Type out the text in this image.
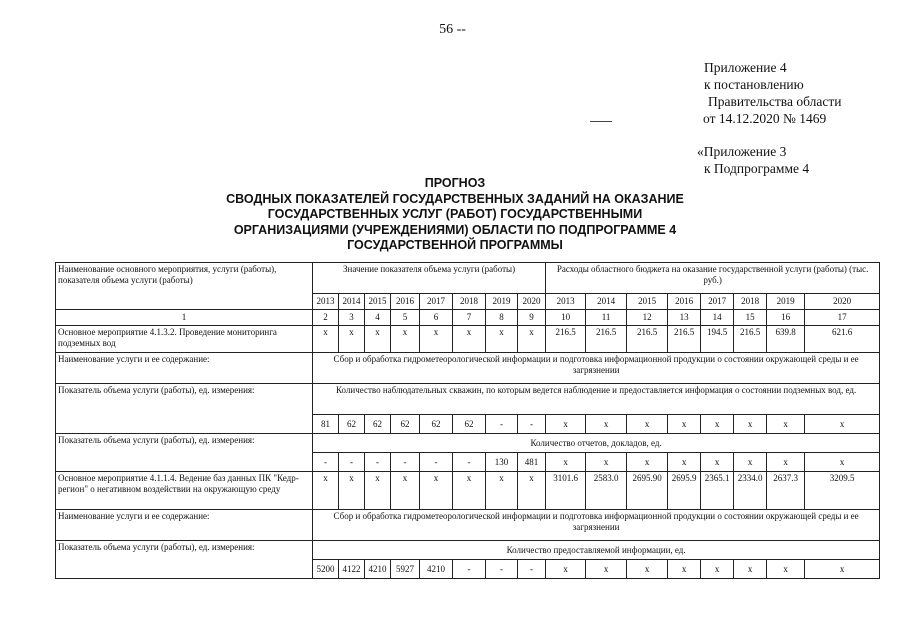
56 --
Приложение 4
к постановлению
Правительства области
от 14.12.2020 № 1469
«Приложение 3
к Подпрограмме 4
ПРОГНОЗ
СВОДНЫХ ПОКАЗАТЕЛЕЙ ГОСУДАРСТВЕННЫХ ЗАДАНИЙ НА ОКАЗАНИЕ
ГОСУДАРСТВЕННЫХ УСЛУГ (РАБОТ) ГОСУДАРСТВЕННЫМИ
ОРГАНИЗАЦИЯМИ (УЧРЕЖДЕНИЯМИ) ОБЛАСТИ ПО ПОДПРОГРАММЕ 4
ГОСУДАРСТВЕННОЙ ПРОГРАММЫ
Наименование основного мероприятия, услуги (работы), показателя объема услуги (работы)	Значение показателя объема услуги (работы)								Расходы областного бюджета на оказание государственной услуги (работы) (тыс. руб.)							
	2013	2014	2015	2016	2017	2018	2019	2020	2013	2014	2015	2016	2017	2018	2019	2020
1	2	3	4	5	6	7	8	9	10	11	12	13	14	15	16	17
Основное мероприятие 4.1.3.2. Проведение мониторинга подземных вод	x	x	x	x	x	x	x	x	216.5	216.5	216.5	216.5	194.5	216.5	639.8	621.6
Наименование услуги и ее содержание:	Сбор и обработка гидрометеорологической информации и подготовка информационной продукции о состоянии окружающей среды и ее загрязнении															
Показатель объема услуги (работы), ед. измерения:	Количество наблюдательных скважин, по которым ведется наблюдение и предоставляется информация о состоянии подземных вод, ед.															
	81	62	62	62	62	62	-	-	x	x	x	x	x	x	x	x
Показатель объема услуги (работы), ед. измерения:	Количество отчетов, докладов, ед.															
	-	-	-	-	-	-	130	481	x	x	x	x	x	x	x	x
Основное мероприятие 4.1.1.4. Ведение баз данных ПК "Кедр-регион" о негативном воздействии на окружающую среду	x	x	x	x	x	x	x	x	3101.6	2583.0	2695.90	2695.9	2365.1	2334.0	2637.3	3209.5
Наименование услуги и ее содержание:	Сбор и обработка гидрометеорологической информации и подготовка информационной продукции о состоянии окружающей среды и ее загрязнении															
Показатель объема услуги (работы), ед. измерения:	Количество предоставляемой информации, ед.															
	5200	4122	4210	5927	4210	-	-	-	x	x	x	x	x	x	x	x
